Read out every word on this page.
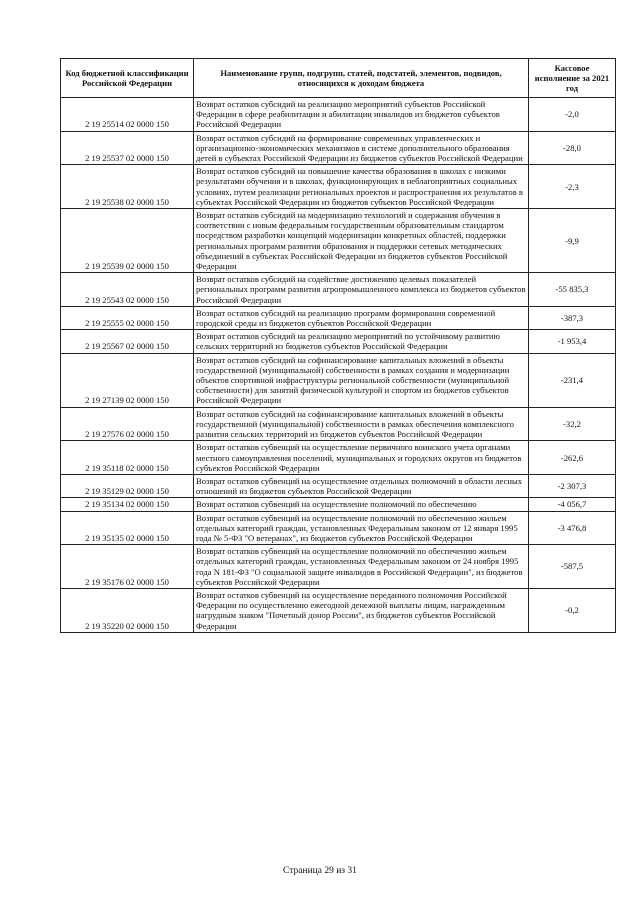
Код бюджетной классификации Российской Федерации	Наименование групп, подгрупп, статей, подстатей, элементов, подвидов, относящихся к доходам бюджета	Кассовое исполнение за 2021 год
2 19 25514 02 0000 150	Возврат остатков субсидий на реализацию мероприятий субъектов Российской Федерации в сфере реабилитации и абилитации инвалидов из бюджетов субъектов Российской Федерации	-2,0
2 19 25537 02 0000 150	Возврат остатков субсидий на формирование современных управленческих и организационно-экономических механизмов в системе дополнительного образования детей в субъектах Российской Федерации из бюджетов субъектов Российской Федерации	-28,0
2 19 25538 02 0000 150	Возврат остатков субсидий на повышение качества образования в школах с низкими результатами обучения и в школах, функционирующих в неблагоприятных социальных условиях, путем реализации региональных проектов и распространения их результатов в субъектах Российской Федерации из бюджетов субъектов Российской Федерации	-2,3
2 19 25539 02 0000 150	Возврат остатков субсидий на модернизацию технологий и содержания обучения в соответствии с новым федеральным государственным образовательным стандартом посредством разработки концепций модернизации конкретных областей, поддержки региональных программ развития образования и поддержки сетевых методических объединений в субъектах Российской Федерации из бюджетов субъектов Российской Федерации	-9,9
2 19 25543 02 0000 150	Возврат остатков субсидий на содействие достижению целевых показателей региональных программ развития агропромышленного комплекса из бюджетов субъектов Российской Федерации	-55 835,3
2 19 25555 02 0000 150	Возврат остатков субсидий на реализацию программ формирования современной городской среды из бюджетов субъектов Российской Федерации	-387,3
2 19 25567 02 0000 150	Возврат остатков субсидий на реализацию мероприятий по устойчивому развитию сельских территорий из бюджетов субъектов Российской Федерации	-1 953,4
2 19 27139 02 0000 150	Возврат остатков субсидий на софинансирование капитальных вложений в объекты государственной (муниципальной) собственности в рамках создания и модернизации объектов спортивной инфраструктуры региональной собственности (муниципальной собственности) для занятий физической культурой и спортом из бюджетов субъектов Российской Федерации	-231,4
2 19 27576 02 0000 150	Возврат остатков субсидий на софинансирование капитальных вложений в объекты государственной (муниципальной) собственности в рамках обеспечения комплексного развития сельских территорий из бюджетов субъектов Российской Федерации	-32,2
2 19 35118 02 0000 150	Возврат остатков субвенций на осуществление первичного воинского учета органами местного самоуправления поселений, муниципальных и городских округов из бюджетов субъектов Российской Федерации	-262,6
2 19 35129 02 0000 150	Возврат остатков субвенций на осуществление отдельных полномочий в области лесных отношений из бюджетов субъектов Российской Федерации	-2 307,3
2 19 35134 02 0000 150	Возврат остатков субвенций на осуществление полномочий по обеспечению	-4 056,7
2 19 35135 02 0000 150	Возврат остатков субвенций на осуществление полномочий по обеспечению жильем отдельных категорий граждан, установленных Федеральным законом от 12 января 1995 года № 5-ФЗ "О ветеранах", из бюджетов субъектов Российской Федерации	-3 476,8
2 19 35176 02 0000 150	Возврат остатков субвенций на осуществление полномочий по обеспечению жильем отдельных категорий граждан, установленных Федеральным законом от 24 ноября 1995 года N 181-ФЗ "О социальной защите инвалидов в Российской Федерации", из бюджетов субъектов Российской Федерации	-587,5
2 19 35220 02 0000 150	Возврат остатков субвенций на осуществление переданного полномочия Российской Федерации по осуществлению ежегодной денежной выплаты лицам, награжденным нагрудным знаком "Почетный донор России", из бюджетов субъектов Российской Федерации	-0,2
Страница 29 из 31
